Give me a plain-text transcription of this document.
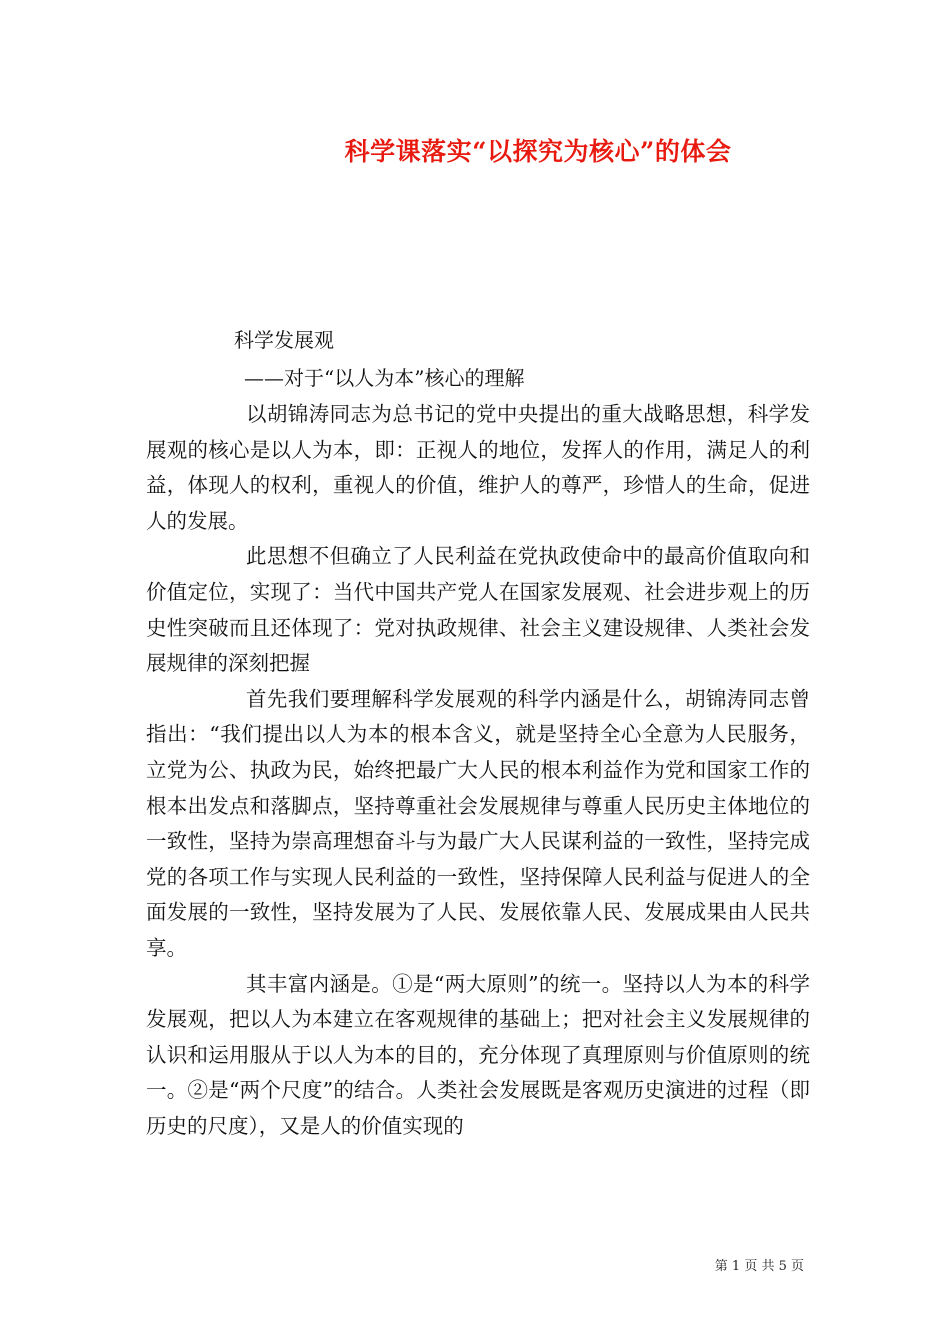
科学课落实“以探究为核心”的体会
科学发展观
——对于“以人为本”核心的理解

以胡锦涛同志为总书记的党中央提出的重大战略思想，科学发展观的核心是以人为本，即：正视人的地位，发挥人的作用，满足人的利益，体现人的权利，重视人的价值，维护人的尊严，珍惜人的生命，促进人的发展。

此思想不但确立了人民利益在党执政使命中的最高价值取向和价值定位，实现了：当代中国共产党人在国家发展观、社会进步观上的历史性突破而且还体现了：党对执政规律、社会主义建设规律、人类社会发展规律的深刻把握

首先我们要理解科学发展观的科学内涵是什么，胡锦涛同志曾指出：“我们提出以人为本的根本含义，就是坚持全心全意为人民服务，立党为公、执政为民，始终把最广大人民的根本利益作为党和国家工作的根本出发点和落脚点，坚持尊重社会发展规律与尊重人民历史主体地位的一致性，坚持为崇高理想奋斗与为最广大人民谋利益的一致性，坚持完成党的各项工作与实现人民利益的一致性，坚持保障人民利益与促进人的全面发展的一致性，坚持发展为了人民、发展依靠人民、发展成果由人民共享。

其丰富内涵是。①是“两大原则”的统一。坚持以人为本的科学发展观，把以人为本建立在客观规律的基础上；把对社会主义发展规律的认识和运用服从于以人为本的目的，充分体现了真理原则与价值原则的统一。②是“两个尺度”的结合。人类社会发展既是客观历史演进的过程（即历史的尺度），又是人的价值实现的

第 1 页 共 5 页
